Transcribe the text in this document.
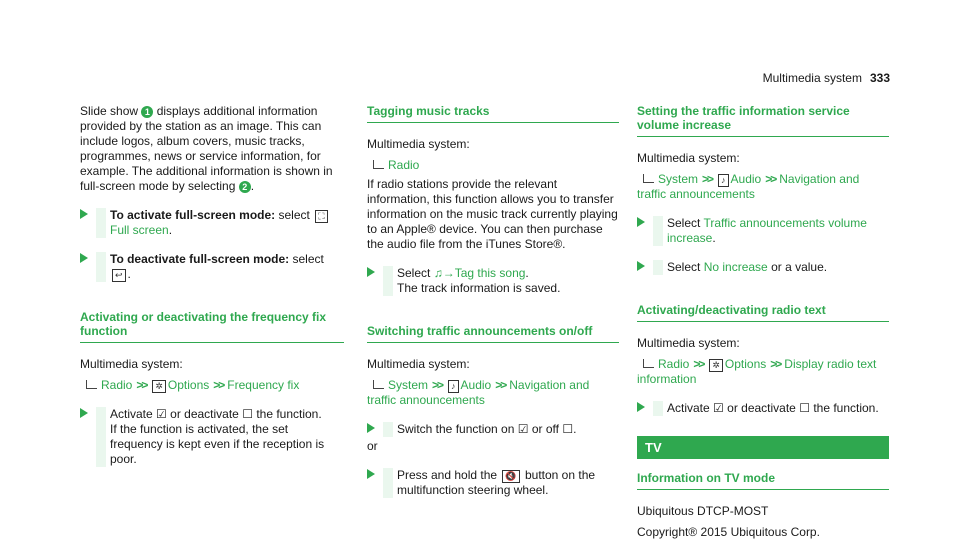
Multimedia system 333

Slide show 1 displays additional information provided by the station as an image. This can include logos, album covers, music tracks, programmes, news or service information, for example. The additional information is shown in full-screen mode by selecting 2 .

To activate full-screen mode: select ⛶
Full screen.
To deactivate full-screen mode: select
↩ .
Activating or deactivating the frequency fix function

Multimedia system:

Radio >> ✲ Options >> Frequency fix

Activate ☑ or deactivate ☐ the function.
If the function is activated, the set frequency is kept even if the reception is poor.
Tagging music tracks

Multimedia system:

Radio

If radio stations provide the relevant information, this function allows you to transfer information on the music track currently playing to an Apple® device. You can then purchase the audio file from the iTunes Store®.

Select ♫→Tag this song.
The track information is saved.
Switching traffic announcements on/off

Multimedia system:

System >> ♪ Audio >> Navigation and traffic announcements

Switch the function on ☑ or off ☐.

or

Press and hold the 🔇 button on the multifunction steering wheel.
Setting the traffic information service volume increase

Multimedia system:

System >> ♪ Audio >> Navigation and traffic announcements

Select Traffic announcements volume increase.
Select No increase or a value.
Activating/deactivating radio text

Multimedia system:

Radio >> ✲ Options >> Display radio text information

Activate ☑ or deactivate ☐ the function.
TV
Information on TV mode

Ubiquitous DTCP-MOST

Copyright® 2015 Ubiquitous Corp.
